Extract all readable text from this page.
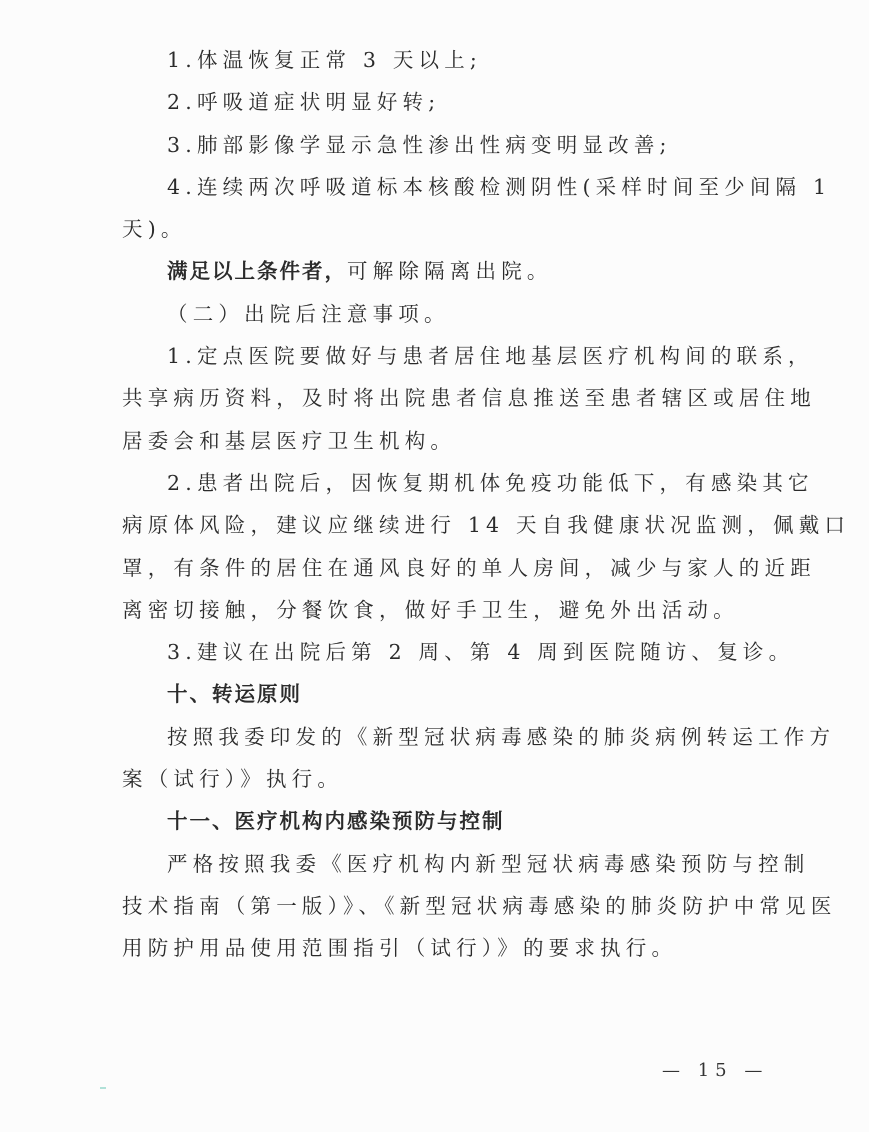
1.体温恢复正常 3 天以上;
2.呼吸道症状明显好转;
3.肺部影像学显示急性渗出性病变明显改善;
4.连续两次呼吸道标本核酸检测阴性(采样时间至少间隔 1
天)。
满足以上条件者，可解除隔离出院。
（二）出院后注意事项。
1.定点医院要做好与患者居住地基层医疗机构间的联系，
共享病历资料，及时将出院患者信息推送至患者辖区或居住地
居委会和基层医疗卫生机构。
2.患者出院后，因恢复期机体免疫功能低下，有感染其它
病原体风险，建议应继续进行 14 天自我健康状况监测，佩戴口
罩，有条件的居住在通风良好的单人房间，减少与家人的近距
离密切接触，分餐饮食，做好手卫生，避免外出活动。
3.建议在出院后第 2 周、第 4 周到医院随访、复诊。
十、转运原则
按照我委印发的《新型冠状病毒感染的肺炎病例转运工作方
案（试行）》执行。
十一、医疗机构内感染预防与控制
严格按照我委《医疗机构内新型冠状病毒感染预防与控制
技术指南（第一版）》、《新型冠状病毒感染的肺炎防护中常见医
用防护用品使用范围指引（试行）》的要求执行。
— 15 —
